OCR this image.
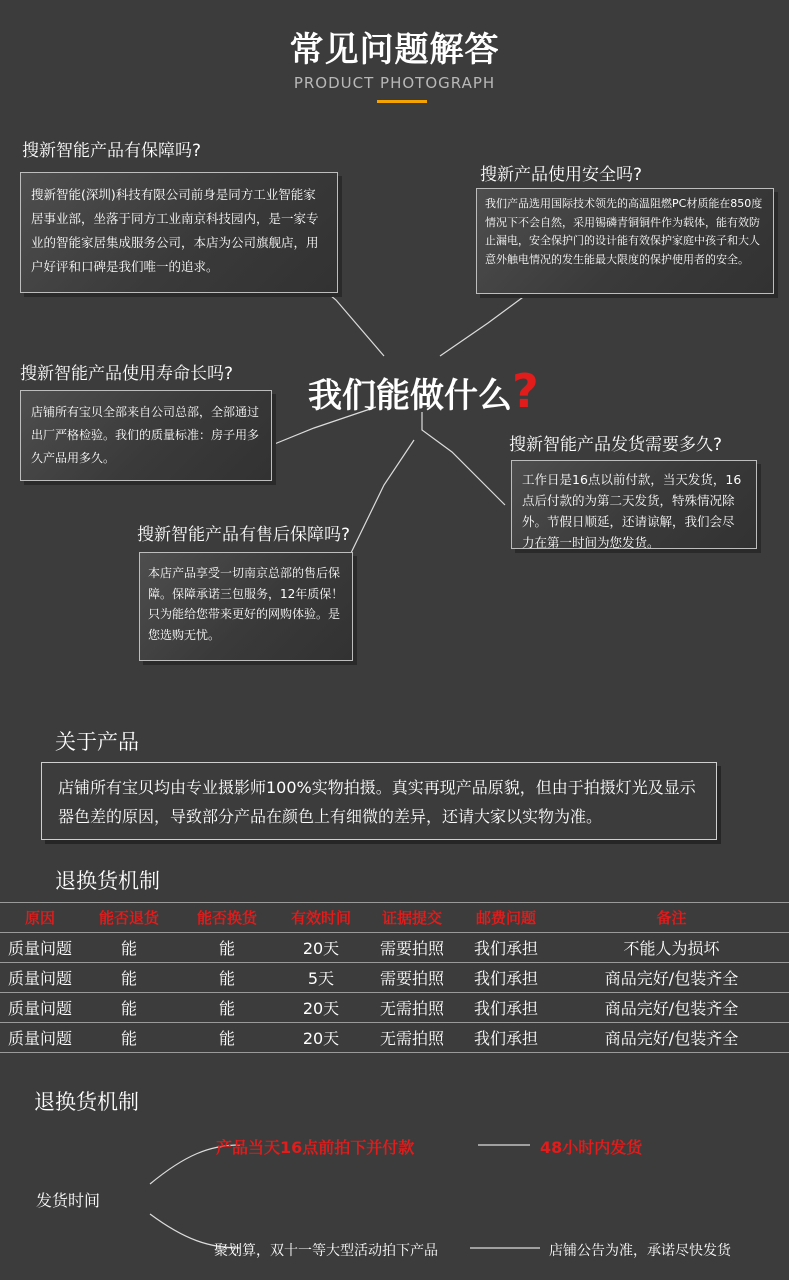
常见问题解答
PRODUCT PHOTOGRAPH
搜新智能产品有保障吗?
搜新智能(深圳)科技有限公司前身是同方工业智能家居事业部，坐落于同方工业南京科技园内，是一家专业的智能家居集成服务公司，本店为公司旗舰店，用户好评和口碑是我们唯一的追求。
搜新产品使用安全吗?
我们产品选用国际技术领先的高温阻燃PC材质能在850度情况下不会自然，采用锡磷青铜铜件作为载体，能有效防止漏电，安全保护门的设计能有效保护家庭中孩子和大人意外触电情况的发生能最大限度的保护使用者的安全。
我们能做什么?
搜新智能产品使用寿命长吗?
店铺所有宝贝全部来自公司总部，全部通过出厂严格检验。我们的质量标准：房子用多久产品用多久。
搜新智能产品发货需要多久?
工作日是16点以前付款，当天发货，16点后付款的为第二天发货，特殊情况除外。节假日顺延，还请谅解，我们会尽力在第一时间为您发货。
搜新智能产品有售后保障吗?
本店产品享受一切南京总部的售后保障。保障承诺三包服务，12年质保！只为能给您带来更好的网购体验。是您选购无忧。
关于产品
店铺所有宝贝均由专业摄影师100%实物拍摄。真实再现产品原貌，但由于拍摄灯光及显示器色差的原因，导致部分产品在颜色上有细微的差异，还请大家以实物为准。
退换货机制
原因	能否退货	能否换货	有效时间	证据提交	邮费问题	备注
质量问题	能	能	20天	需要拍照	我们承担	不能人为损坏
质量问题	能	能	5天	需要拍照	我们承担	商品完好/包装齐全
质量问题	能	能	20天	无需拍照	我们承担	商品完好/包装齐全
质量问题	能	能	20天	无需拍照	我们承担	商品完好/包装齐全
退换货机制
发货时间
产品当天16点前拍下并付款	48小时内发货
聚划算，双十一等大型活动拍下产品	店铺公告为准，承诺尽快发货
